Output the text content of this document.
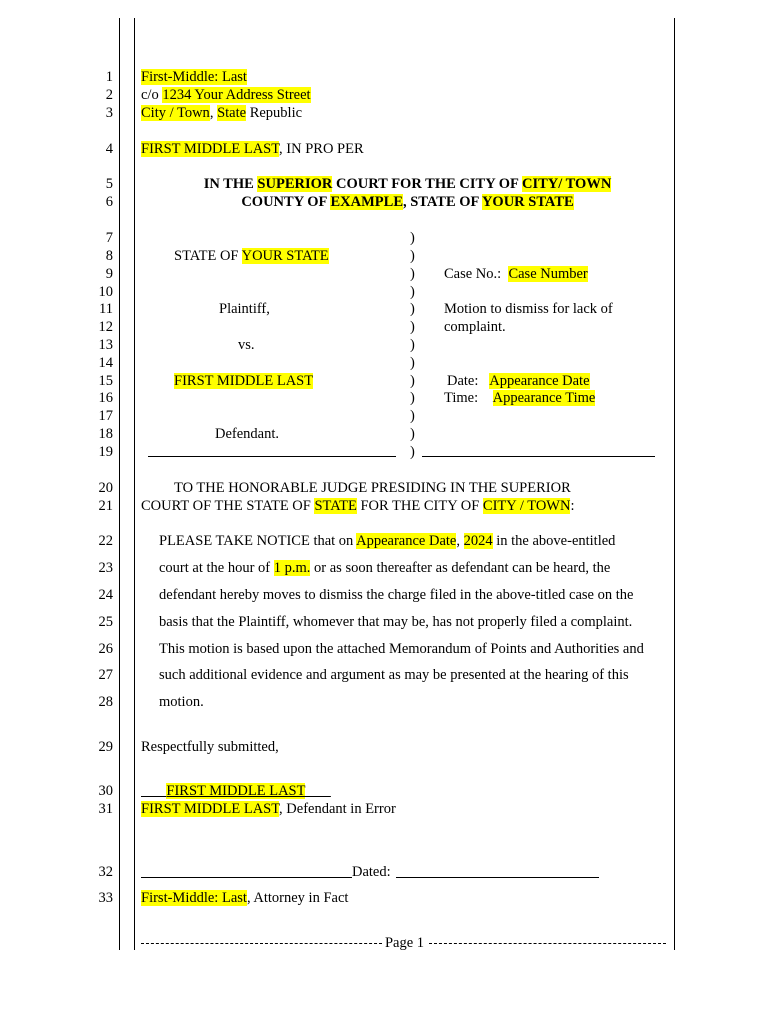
1
2
3
4
5
6
7
8
9
10
11
12
13
14
15
16
17
18
19
20
21
22
23
24
25
26
27
28
29
30
31
32
33
First-Middle: Last
c/o 1234 Your Address Street
City / Town, State Republic
FIRST MIDDLE LAST, IN PRO PER
IN THE SUPERIOR COURT FOR THE CITY OF CITY/ TOWN
COUNTY OF EXAMPLE, STATE OF YOUR STATE
STATE OF YOUR STATE
Plaintiff,
vs.
FIRST MIDDLE LAST
Defendant.
)
)
)
)
)
)
)
)
)
)
)
)
)
Case No.:  Case Number
Motion to dismiss for lack of
complaint.
Date:   Appearance Date
Time:    Appearance Time
TO THE HONORABLE JUDGE PRESIDING IN THE SUPERIOR
COURT OF THE STATE OF STATE FOR THE CITY OF CITY / TOWN:
PLEASE TAKE NOTICE that on Appearance Date, 2024 in the above-entitled
court at the hour of 1 p.m. or as soon thereafter as defendant can be heard, the
defendant hereby moves to dismiss the charge filed in the above-titled case on the
basis that the Plaintiff, whomever that may be, has not properly filed a complaint.
This motion is based upon the attached Memorandum of Points and Authorities and
such additional evidence and argument as may be presented at the hearing of this
motion.
Respectfully submitted,
FIRST MIDDLE LAST
FIRST MIDDLE LAST, Defendant in Error
Dated:
First-Middle: Last, Attorney in Fact
Page 1
